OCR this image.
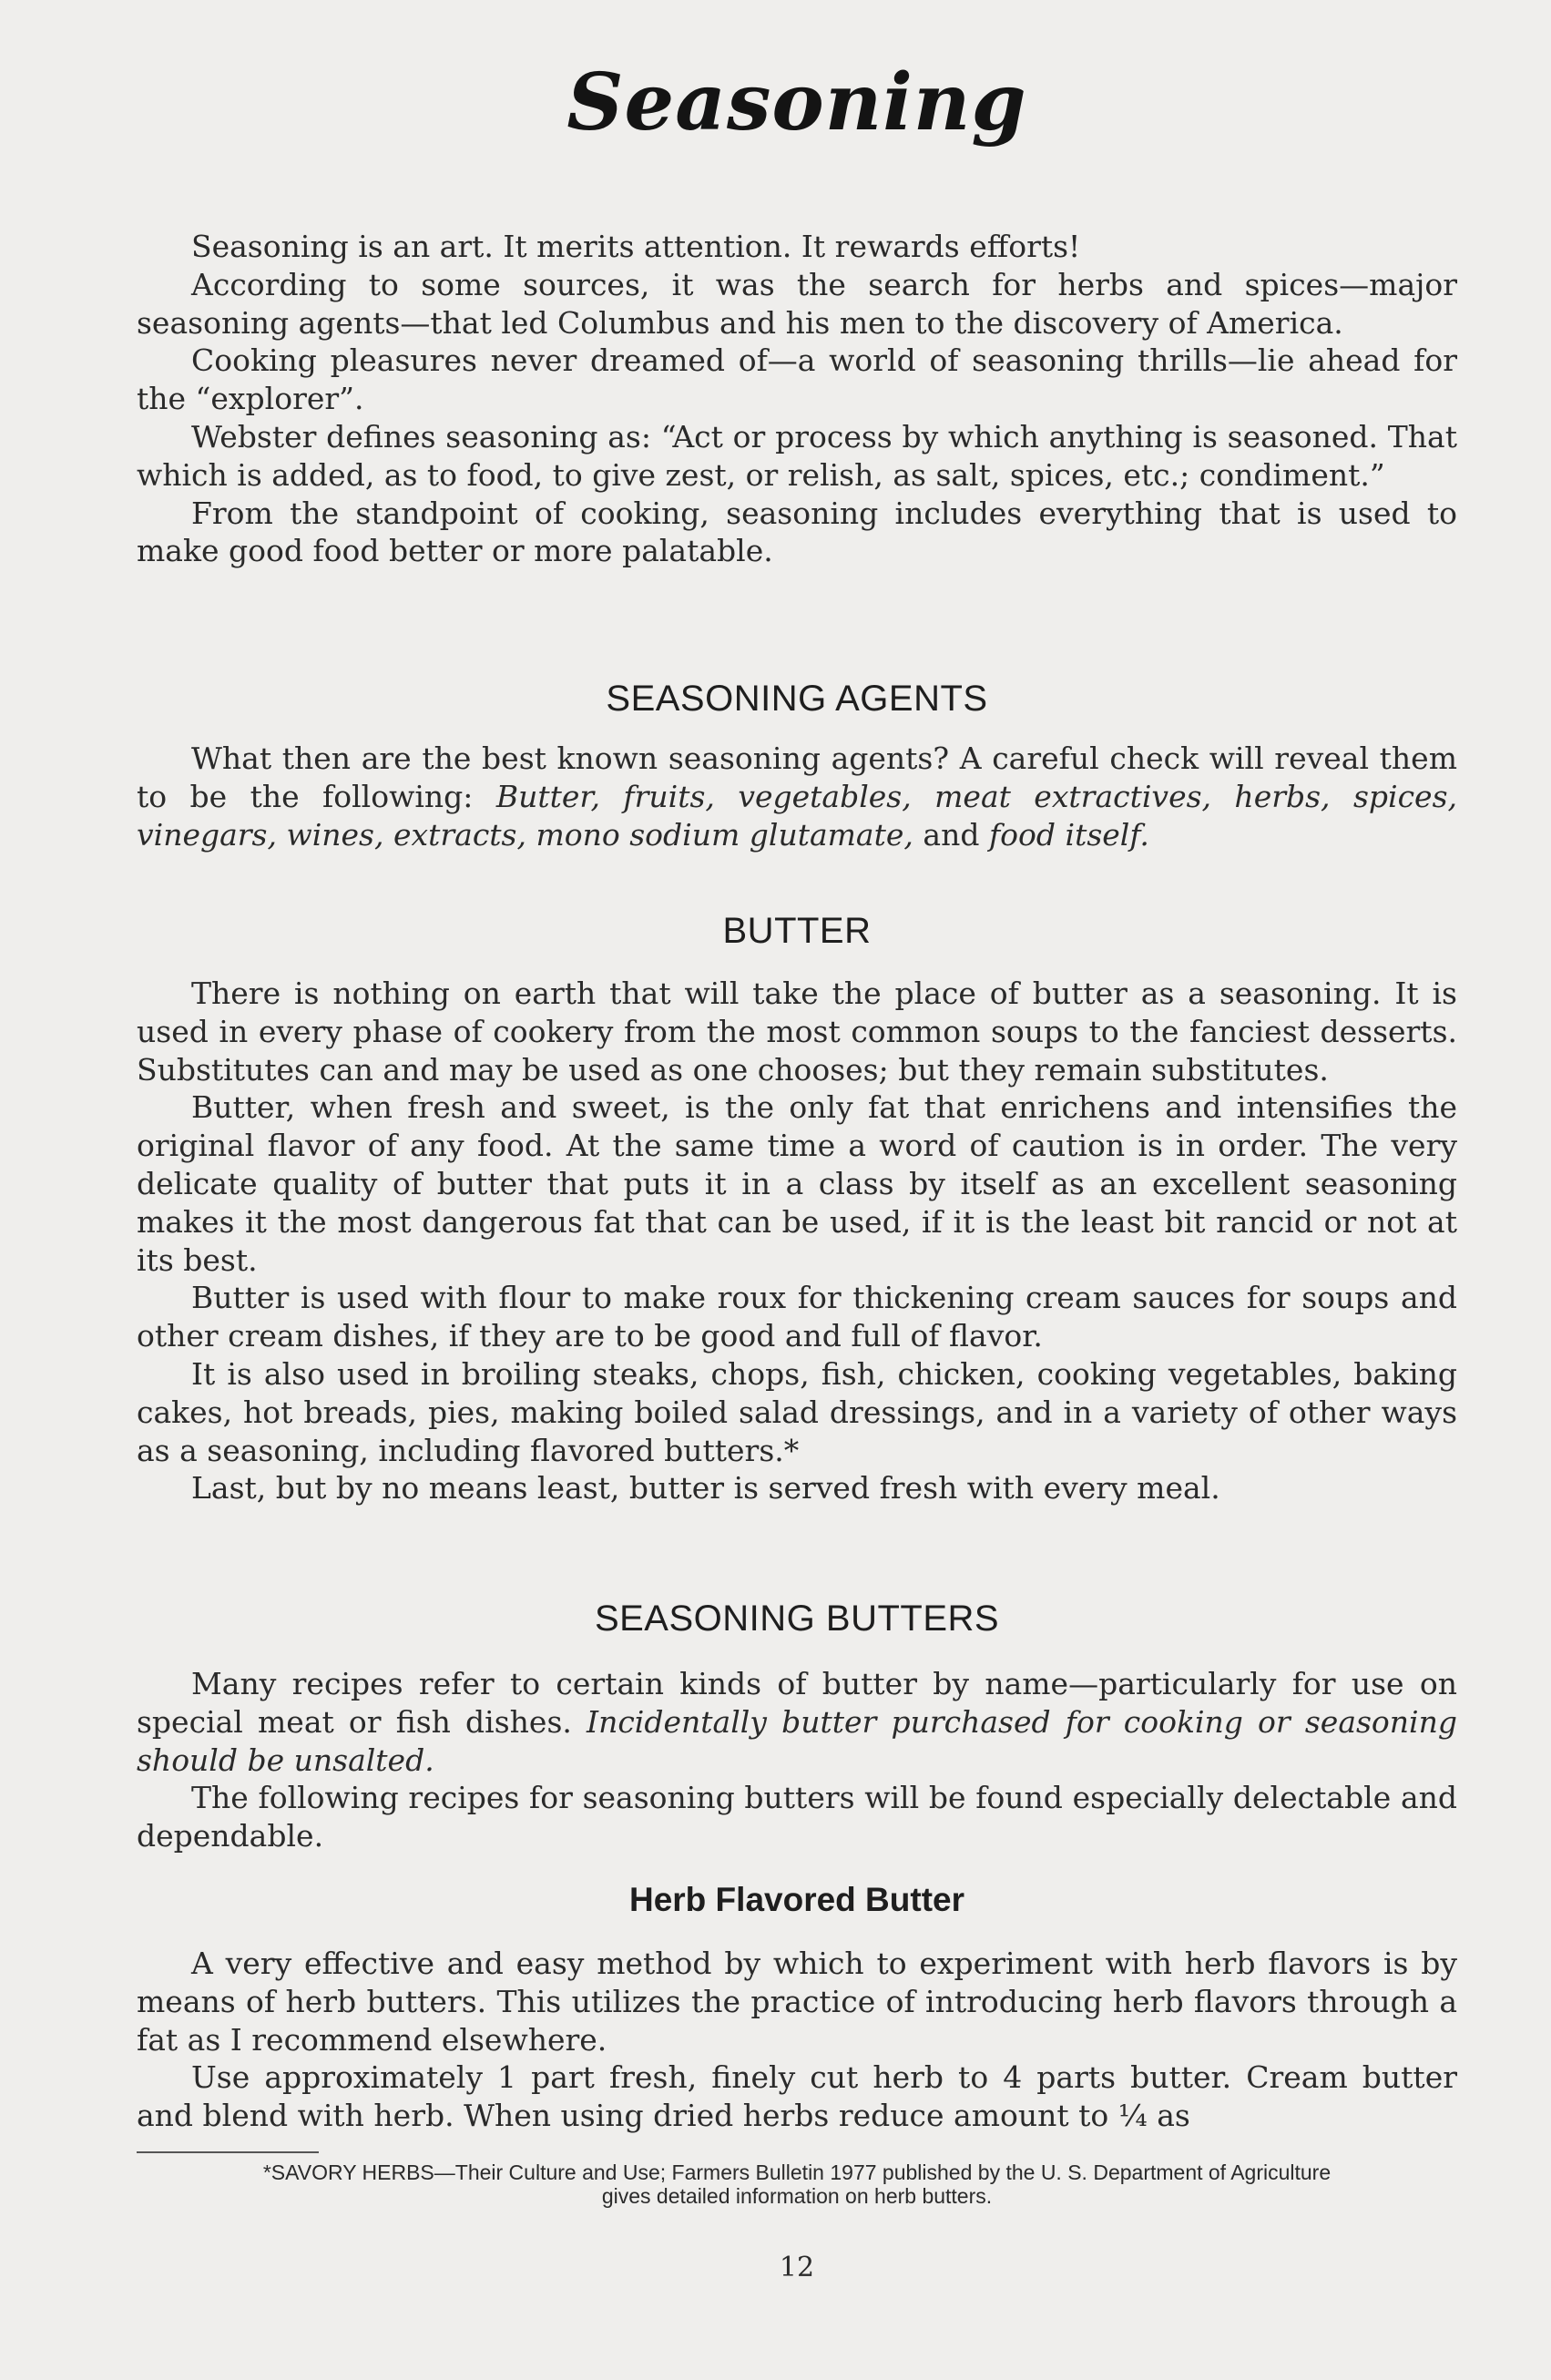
Seasoning

Seasoning is an art. It merits attention. It rewards efforts!

According to some sources, it was the search for herbs and spices—major seasoning agents—that led Columbus and his men to the discovery of America.

Cooking pleasures never dreamed of—a world of seasoning thrills—lie ahead for the “explorer”.

Webster defines seasoning as: “Act or process by which anything is seasoned. That which is added, as to food, to give zest, or relish, as salt, spices, etc.; condiment.”

From the standpoint of cooking, seasoning includes everything that is used to make good food better or more palatable.

SEASONING AGENTS

What then are the best known seasoning agents? A careful check will reveal them to be the following: Butter, fruits, vegetables, meat extractives, herbs, spices, vinegars, wines, extracts, mono sodium glutamate, and food itself.

BUTTER

There is nothing on earth that will take the place of butter as a seasoning. It is used in every phase of cookery from the most common soups to the fanciest desserts. Substitutes can and may be used as one chooses; but they remain substitutes.

Butter, when fresh and sweet, is the only fat that enrichens and intensifies the original flavor of any food. At the same time a word of caution is in order. The very delicate quality of butter that puts it in a class by itself as an excellent seasoning makes it the most dangerous fat that can be used, if it is the least bit rancid or not at its best.

Butter is used with flour to make roux for thickening cream sauces for soups and other cream dishes, if they are to be good and full of flavor.

It is also used in broiling steaks, chops, fish, chicken, cooking vegetables, baking cakes, hot breads, pies, making boiled salad dressings, and in a variety of other ways as a seasoning, including flavored butters.*

Last, but by no means least, butter is served fresh with every meal.

SEASONING BUTTERS

Many recipes refer to certain kinds of butter by name—particularly for use on special meat or fish dishes. Incidentally butter purchased for cooking or seasoning should be unsalted.

The following recipes for seasoning butters will be found especially delectable and dependable.

Herb Flavored Butter

A very effective and easy method by which to experiment with herb flavors is by means of herb butters. This utilizes the practice of introducing herb flavors through a fat as I recommend elsewhere.

Use approximately 1 part fresh, finely cut herb to 4 parts butter. Cream butter and blend with herb. When using dried herbs reduce amount to ¼ as

*SAVORY HERBS—Their Culture and Use; Farmers Bulletin 1977 published by the U. S. Department of Agriculture
gives detailed information on herb butters.
12
